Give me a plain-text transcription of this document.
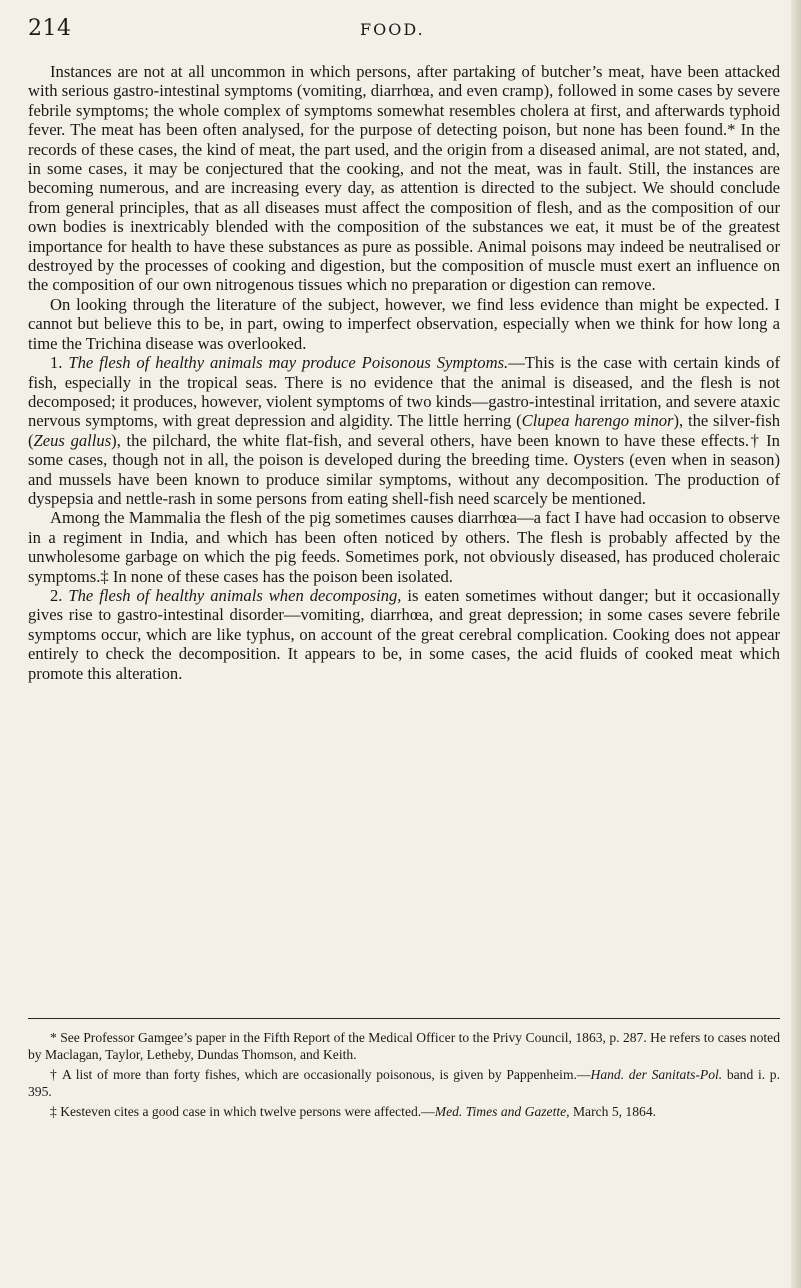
214	FOOD.

Instances are not at all uncommon in which persons, after partaking of butcher’s meat, have been attacked with serious gastro-intestinal symptoms (vomiting, diarrhœa, and even cramp), followed in some cases by severe febrile symptoms; the whole complex of symptoms somewhat resembles cholera at first, and afterwards typhoid fever. The meat has been often analysed, for the purpose of detecting poison, but none has been found.* In the records of these cases, the kind of meat, the part used, and the origin from a diseased animal, are not stated, and, in some cases, it may be conjectured that the cooking, and not the meat, was in fault. Still, the instances are becoming numerous, and are increasing every day, as attention is directed to the subject. We should conclude from general principles, that as all diseases must affect the composition of flesh, and as the composition of our own bodies is inextricably blended with the composition of the substances we eat, it must be of the greatest importance for health to have these substances as pure as possible. Animal poisons may indeed be neutralised or destroyed by the processes of cooking and digestion, but the composition of muscle must exert an influence on the composition of our own nitrogenous tissues which no preparation or digestion can remove.

On looking through the literature of the subject, however, we find less evidence than might be expected. I cannot but believe this to be, in part, owing to imperfect observation, especially when we think for how long a time the Trichina disease was overlooked.

1. The flesh of healthy animals may produce Poisonous Symptoms.—This is the case with certain kinds of fish, especially in the tropical seas. There is no evidence that the animal is diseased, and the flesh is not decomposed; it produces, however, violent symptoms of two kinds—gastro-intestinal irritation, and severe ataxic nervous symptoms, with great depression and algidity. The little herring (Clupea harengo minor), the silver-fish (Zeus gallus), the pilchard, the white flat-fish, and several others, have been known to have these effects.† In some cases, though not in all, the poison is developed during the breeding time. Oysters (even when in season) and mussels have been known to produce similar symptoms, without any decomposition. The production of dyspepsia and nettle-rash in some persons from eating shell-fish need scarcely be mentioned.

Among the Mammalia the flesh of the pig sometimes causes diarrhœa—a fact I have had occasion to observe in a regiment in India, and which has been often noticed by others. The flesh is probably affected by the unwholesome garbage on which the pig feeds. Sometimes pork, not obviously diseased, has produced choleraic symptoms.‡ In none of these cases has the poison been isolated.

2. The flesh of healthy animals when decomposing, is eaten sometimes without danger; but it occasionally gives rise to gastro-intestinal disorder—vomiting, diarrhœa, and great depression; in some cases severe febrile symptoms occur, which are like typhus, on account of the great cerebral complication. Cooking does not appear entirely to check the decomposition. It appears to be, in some cases, the acid fluids of cooked meat which promote this alteration.

* See Professor Gamgee’s paper in the Fifth Report of the Medical Officer to the Privy Council, 1863, p. 287. He refers to cases noted by Maclagan, Taylor, Letheby, Dundas Thomson, and Keith.

† A list of more than forty fishes, which are occasionally poisonous, is given by Pappenheim.—Hand. der Sanitats-Pol. band i. p. 395.

‡ Kesteven cites a good case in which twelve persons were affected.—Med. Times and Gazette, March 5, 1864.
